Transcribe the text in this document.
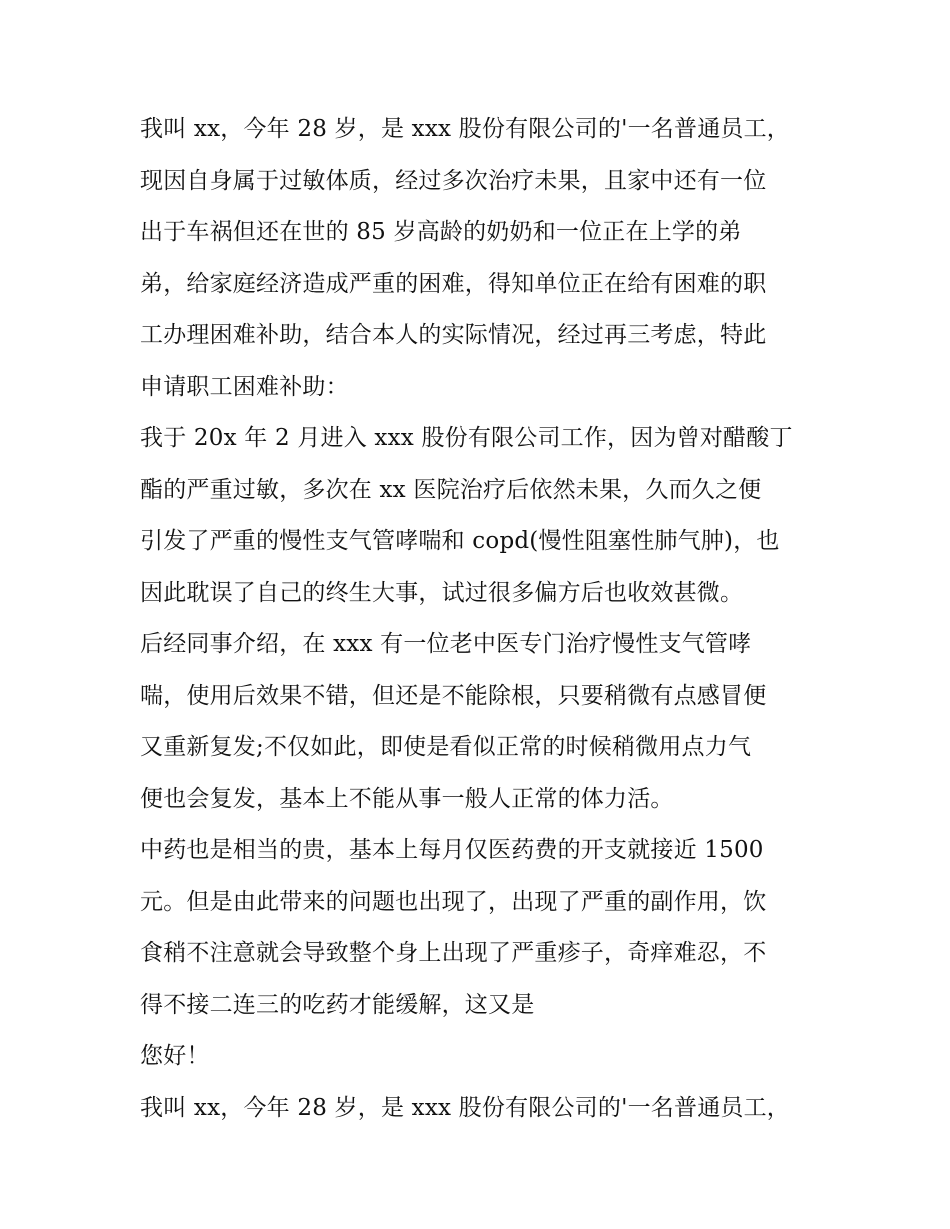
我叫 xx，今年 28 岁，是 xxx 股份有限公司的'一名普通员工，
现因自身属于过敏体质，经过多次治疗未果，且家中还有一位
出于车祸但还在世的 85 岁高龄的奶奶和一位正在上学的弟
弟，给家庭经济造成严重的困难，得知单位正在给有困难的职
工办理困难补助，结合本人的实际情况，经过再三考虑，特此
申请职工困难补助：
我于 20x 年 2 月进入 xxx 股份有限公司工作，因为曾对醋酸丁
酯的严重过敏，多次在 xx 医院治疗后依然未果，久而久之便
引发了严重的慢性支气管哮喘和 copd(慢性阻塞性肺气肿)，也
因此耽误了自己的终生大事，试过很多偏方后也收效甚微。
后经同事介绍，在 xxx 有一位老中医专门治疗慢性支气管哮
喘，使用后效果不错，但还是不能除根，只要稍微有点感冒便
又重新复发;不仅如此，即使是看似正常的时候稍微用点力气
便也会复发，基本上不能从事一般人正常的体力活。
中药也是相当的贵，基本上每月仅医药费的开支就接近 1500
元。但是由此带来的问题也出现了，出现了严重的副作用，饮
食稍不注意就会导致整个身上出现了严重疹子，奇痒难忍，不
得不接二连三的吃药才能缓解，这又是
您好！
我叫 xx，今年 28 岁，是 xxx 股份有限公司的'一名普通员工，
